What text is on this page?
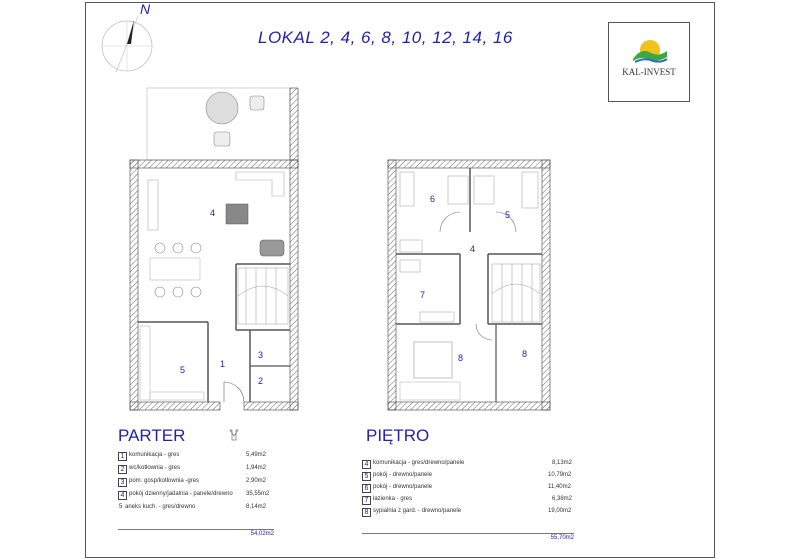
N
LOKAL 2, 4, 6, 8, 10, 12, 14, 16
KAL-INVEST
4
5
1
3
2
6
5
4
7
8	8
PARTER
1 komunikacja - gres	5,49m2
2 wc/kotłownia - gres	1,94m2
3 pom. gosp/kotłownia -gres	2,90m2
4 pokój dzienny/jadalnia - panele/drewno 35,55m2
5 aneks kuch. - gres/drewno	8,14m2
54,02m2
PIĘTRO
4 komunikacja - gres/drewno/panele	8,13m2
5 pokój - drewno/panele	10,79m2
6 pokój - drewno/panele	11,40m2
7 łazienka - gres	6,38m2
8 sypialnia z gard. - drewno/panele	19,00m2
55,70m2
